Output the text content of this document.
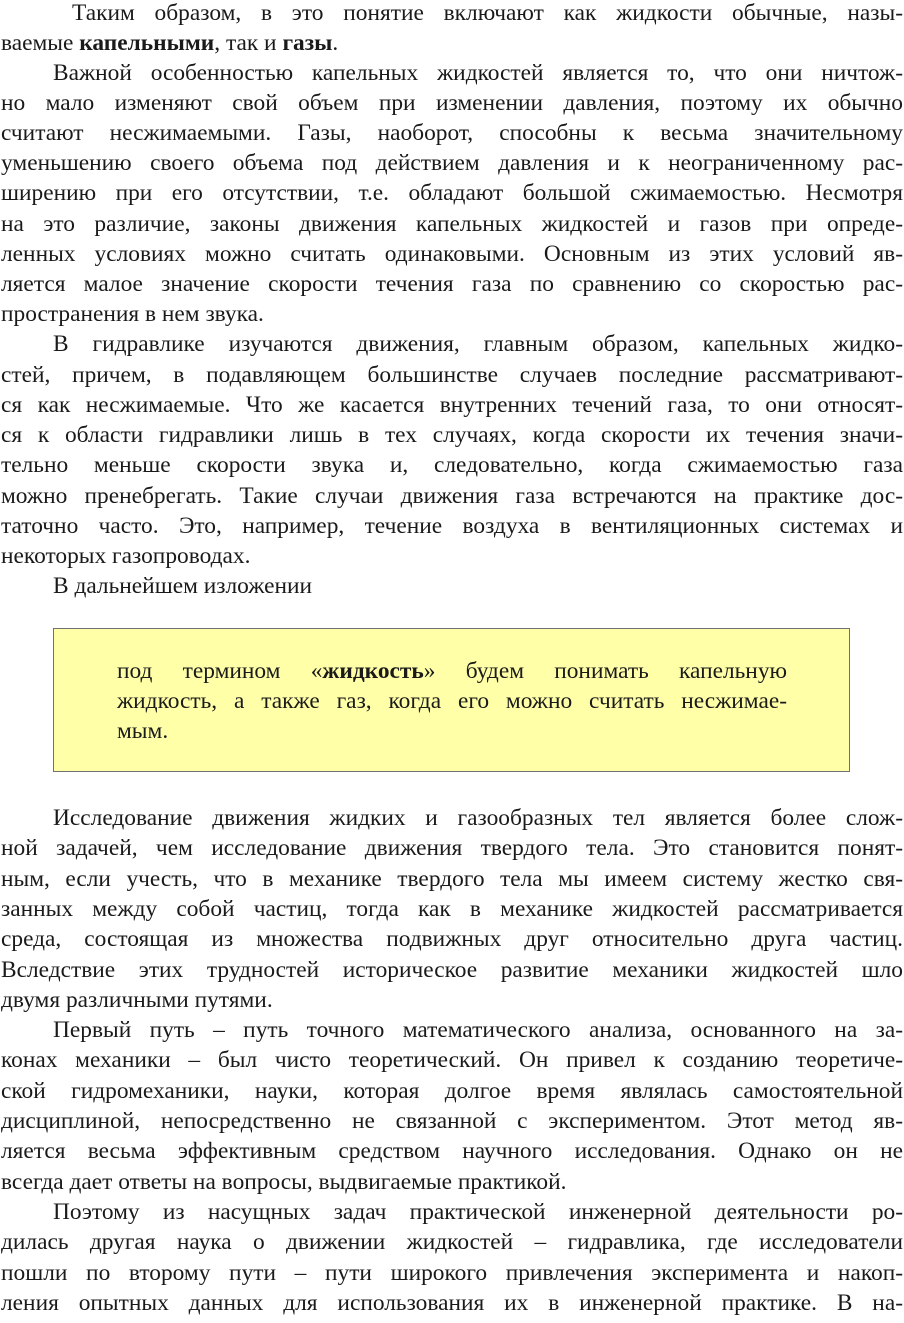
Таким образом, в это понятие включают как жидкости обычные, назы-
ваемые капельными, так и газы.
Важной особенностью капельных жидкостей является то, что они ничтож-
но мало изменяют свой объем при изменении давления, поэтому их обычно
считают несжимаемыми. Газы, наоборот, способны к весьма значительному
уменьшению своего объема под действием давления и к неограниченному рас-
ширению при его отсутствии, т.е. обладают большой сжимаемостью. Несмотря
на это различие, законы движения капельных жидкостей и газов при опреде-
ленных условиях можно считать одинаковыми. Основным из этих условий яв-
ляется малое значение скорости течения газа по сравнению со скоростью рас-
пространения в нем звука.
В гидравлике изучаются движения, главным образом, капельных жидко-
стей, причем, в подавляющем большинстве случаев последние рассматривают-
ся как несжимаемые. Что же касается внутренних течений газа, то они относят-
ся к области гидравлики лишь в тех случаях, когда скорости их течения значи-
тельно меньше скорости звука и, следовательно, когда сжимаемостью газа
можно пренебрегать. Такие случаи движения газа встречаются на практике дос-
таточно часто. Это, например, течение воздуха в вентиляционных системах и
некоторых газопроводах.
В дальнейшем изложении
под термином «жидкость» будем понимать капельную
жидкость, а также газ, когда его можно считать несжимае-
мым.
Исследование движения жидких и газообразных тел является более слож-
ной задачей, чем исследование движения твердого тела. Это становится понят-
ным, если учесть, что в механике твердого тела мы имеем систему жестко свя-
занных между собой частиц, тогда как в механике жидкостей рассматривается
среда, состоящая из множества подвижных друг относительно друга частиц.
Вследствие этих трудностей историческое развитие механики жидкостей шло
двумя различными путями.
Первый путь – путь точного математического анализа, основанного на за-
конах механики – был чисто теоретический. Он привел к созданию теоретиче-
ской гидромеханики, науки, которая долгое время являлась самостоятельной
дисциплиной, непосредственно не связанной с экспериментом. Этот метод яв-
ляется весьма эффективным средством научного исследования. Однако он не
всегда дает ответы на вопросы, выдвигаемые практикой.
Поэтому из насущных задач практической инженерной деятельности ро-
дилась другая наука о движении жидкостей – гидравлика, где исследователи
пошли по второму пути – пути широкого привлечения эксперимента и накоп-
ления опытных данных для использования их в инженерной практике. В на-
